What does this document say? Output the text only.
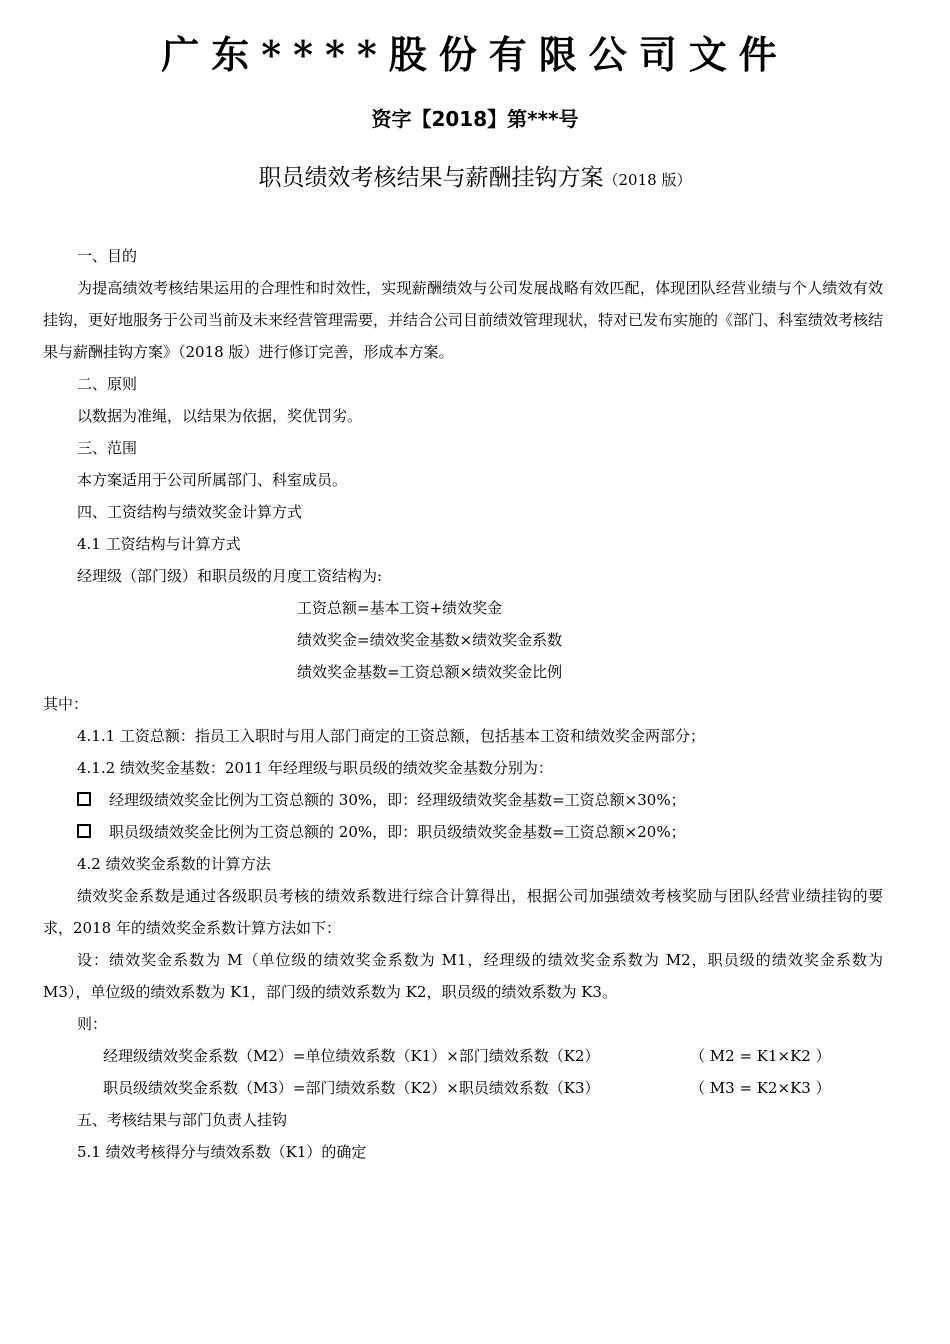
广东****股份有限公司文件
资字【2018】第***号
职员绩效考核结果与薪酬挂钩方案（2018 版）

一、目的

为提高绩效考核结果运用的合理性和时效性，实现薪酬绩效与公司发展战略有效匹配，体现团队经营业绩与个人绩效有效挂钩，更好地服务于公司当前及未来经营管理需要，并结合公司目前绩效管理现状，特对已发布实施的《部门、科室绩效考核结果与薪酬挂钩方案》（2018 版）进行修订完善，形成本方案。

二、原则

以数据为准绳，以结果为依据，奖优罚劣。

三、范围

本方案适用于公司所属部门、科室成员。

四、工资结构与绩效奖金计算方式

4.1 工资结构与计算方式

经理级（部门级）和职员级的月度工资结构为:

工资总额=基本工资+绩效奖金

绩效奖金=绩效奖金基数×绩效奖金系数

绩效奖金基数=工资总额×绩效奖金比例

其中：

4.1.1 工资总额：指员工入职时与用人部门商定的工资总额，包括基本工资和绩效奖金两部分；

4.1.2 绩效奖金基数：2011 年经理级与职员级的绩效奖金基数分别为：

经理级绩效奖金比例为工资总额的 30%，即：经理级绩效奖金基数=工资总额×30%；

职员级绩效奖金比例为工资总额的 20%，即：职员级绩效奖金基数=工资总额×20%；

4.2 绩效奖金系数的计算方法

绩效奖金系数是通过各级职员考核的绩效系数进行综合计算得出，根据公司加强绩效考核奖励与团队经营业绩挂钩的要求，2018 年的绩效奖金系数计算方法如下：

设：绩效奖金系数为 M（单位级的绩效奖金系数为 M1，经理级的绩效奖金系数为 M2，职员级的绩效奖金系数为 M3），单位级的绩效系数为 K1，部门级的绩效系数为 K2，职员级的绩效系数为 K3。

则：

经理级绩效奖金系数（M2）=单位绩效系数（K1）×部门绩效系数（K2）	（ M2 = K1×K2 ）

职员级绩效奖金系数（M3）=部门绩效系数（K2）×职员绩效系数（K3）	（ M3 = K2×K3 ）

五、考核结果与部门负责人挂钩

5.1 绩效考核得分与绩效系数（K1）的确定
